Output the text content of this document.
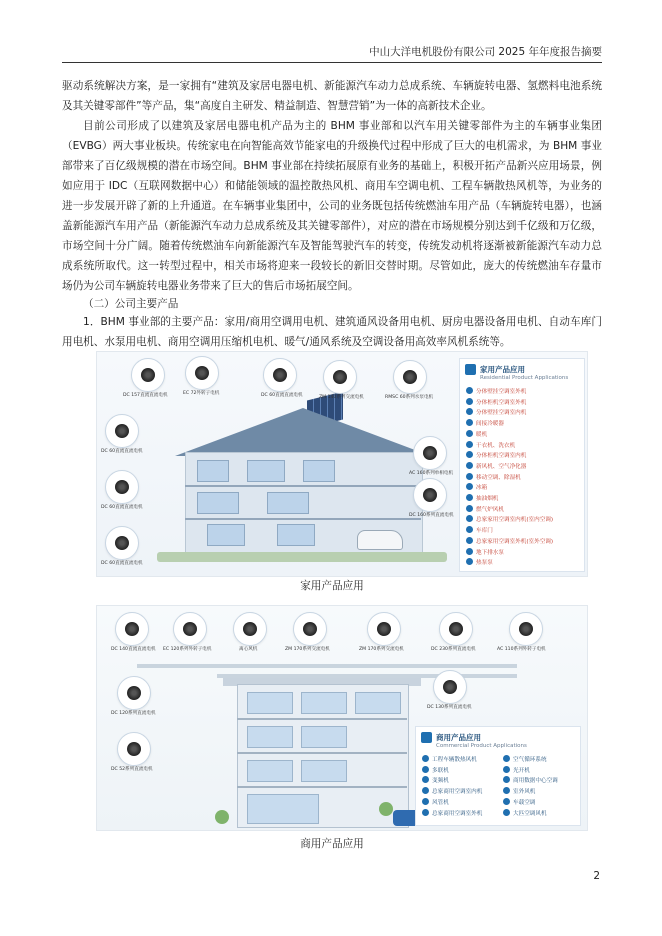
中山大洋电机股份有限公司 2025 年年度报告摘要
驱动系统解决方案，是一家拥有“建筑及家居电器电机、新能源汽车动力总成系统、车辆旋转电器、氢燃料电池系统及其关键零部件”等产品，集“高度自主研发、精益制造、智慧营销”为一体的高新技术企业。
目前公司形成了以建筑及家居电器电机产品为主的 BHM 事业部和以汽车用关键零部件为主的车辆事业集团（EVBG）两大事业板块。传统家电在向智能高效节能家电的升级换代过程中形成了巨大的电机需求，为 BHM 事业部带来了百亿级规模的潜在市场空间。BHM 事业部在持续拓展原有业务的基础上，积极开拓产品新兴应用场景，例如应用于 IDC（互联网数据中心）和储能领域的温控散热风机、商用车空调电机、工程车辆散热风机等，为业务的进一步发展开辟了新的上升通道。在车辆事业集团中，公司的业务既包括传统燃油车用产品（车辆旋转电器），也涵盖新能源汽车用产品（新能源汽车动力总成系统及其关键零部件），对应的潜在市场规模分别达到千亿级和万亿级，市场空间十分广阔。随着传统燃油车向新能源汽车及智能驾驶汽车的转变，传统发动机将逐渐被新能源汽车动力总成系统所取代。这一转型过程中，相关市场将迎来一段较长的新旧交替时期。尽管如此，庞大的传统燃油车存量市场仍为公司车辆旋转电器业务带来了巨大的售后市场拓展空间。
（二）公司主要产品
1．BHM 事业部的主要产品：家用/商用空调用电机、建筑通风设备用电机、厨房电器设备用电机、自动车库门用电机、水泵用电机、商用空调用压缩机电机、暖气/通风系统及空调设备用高效率风机系统等。
DC 157直流直流电机	EC 72外转子电机	DC 60直流直流电机	ZM 140系列交流电机	RMSC 60系列水泵电机
DC 60直流直流电机
AC 160系列单相电机
DC 60直流直流电机
DC 160系列直流电机
DC 60直流直流电机
家用产品应用
Residential Product Applications
分体壁挂空调室外机
分体柜机空调室外机
分体壁挂空调室内机
间接冷暖器
暖机
干衣机、洗衣机
分体柜机空调室内机
新风机、空气净化器
移动空调、除湿机
冰箱
抽油烟机
燃气炉风机
总家家用空调室内机(室内空调)
车库门
总家家用空调室外机(室外空调)
地下排水泵
热泵泵
家用产品应用
DC 140直流直流电机 EC 120系列外转子电机	离心风机	ZM 170系列交流电机	ZM 170系列交流电机	DC 230系列直流电机	AC 110系列外转子电机
DC 130系列直流电机
DC 120系列直流电机
DC 52系列直流电机
商用产品应用
Commercial Product Applications
工程车辆散热风机	空气循环系统
多联机	光开机
变频机	商用数据中心空调
总家商用空调室内机	室外风机
风管机	车载空调
总家商用空调室外机	大匹空调风机
商用产品应用
2
